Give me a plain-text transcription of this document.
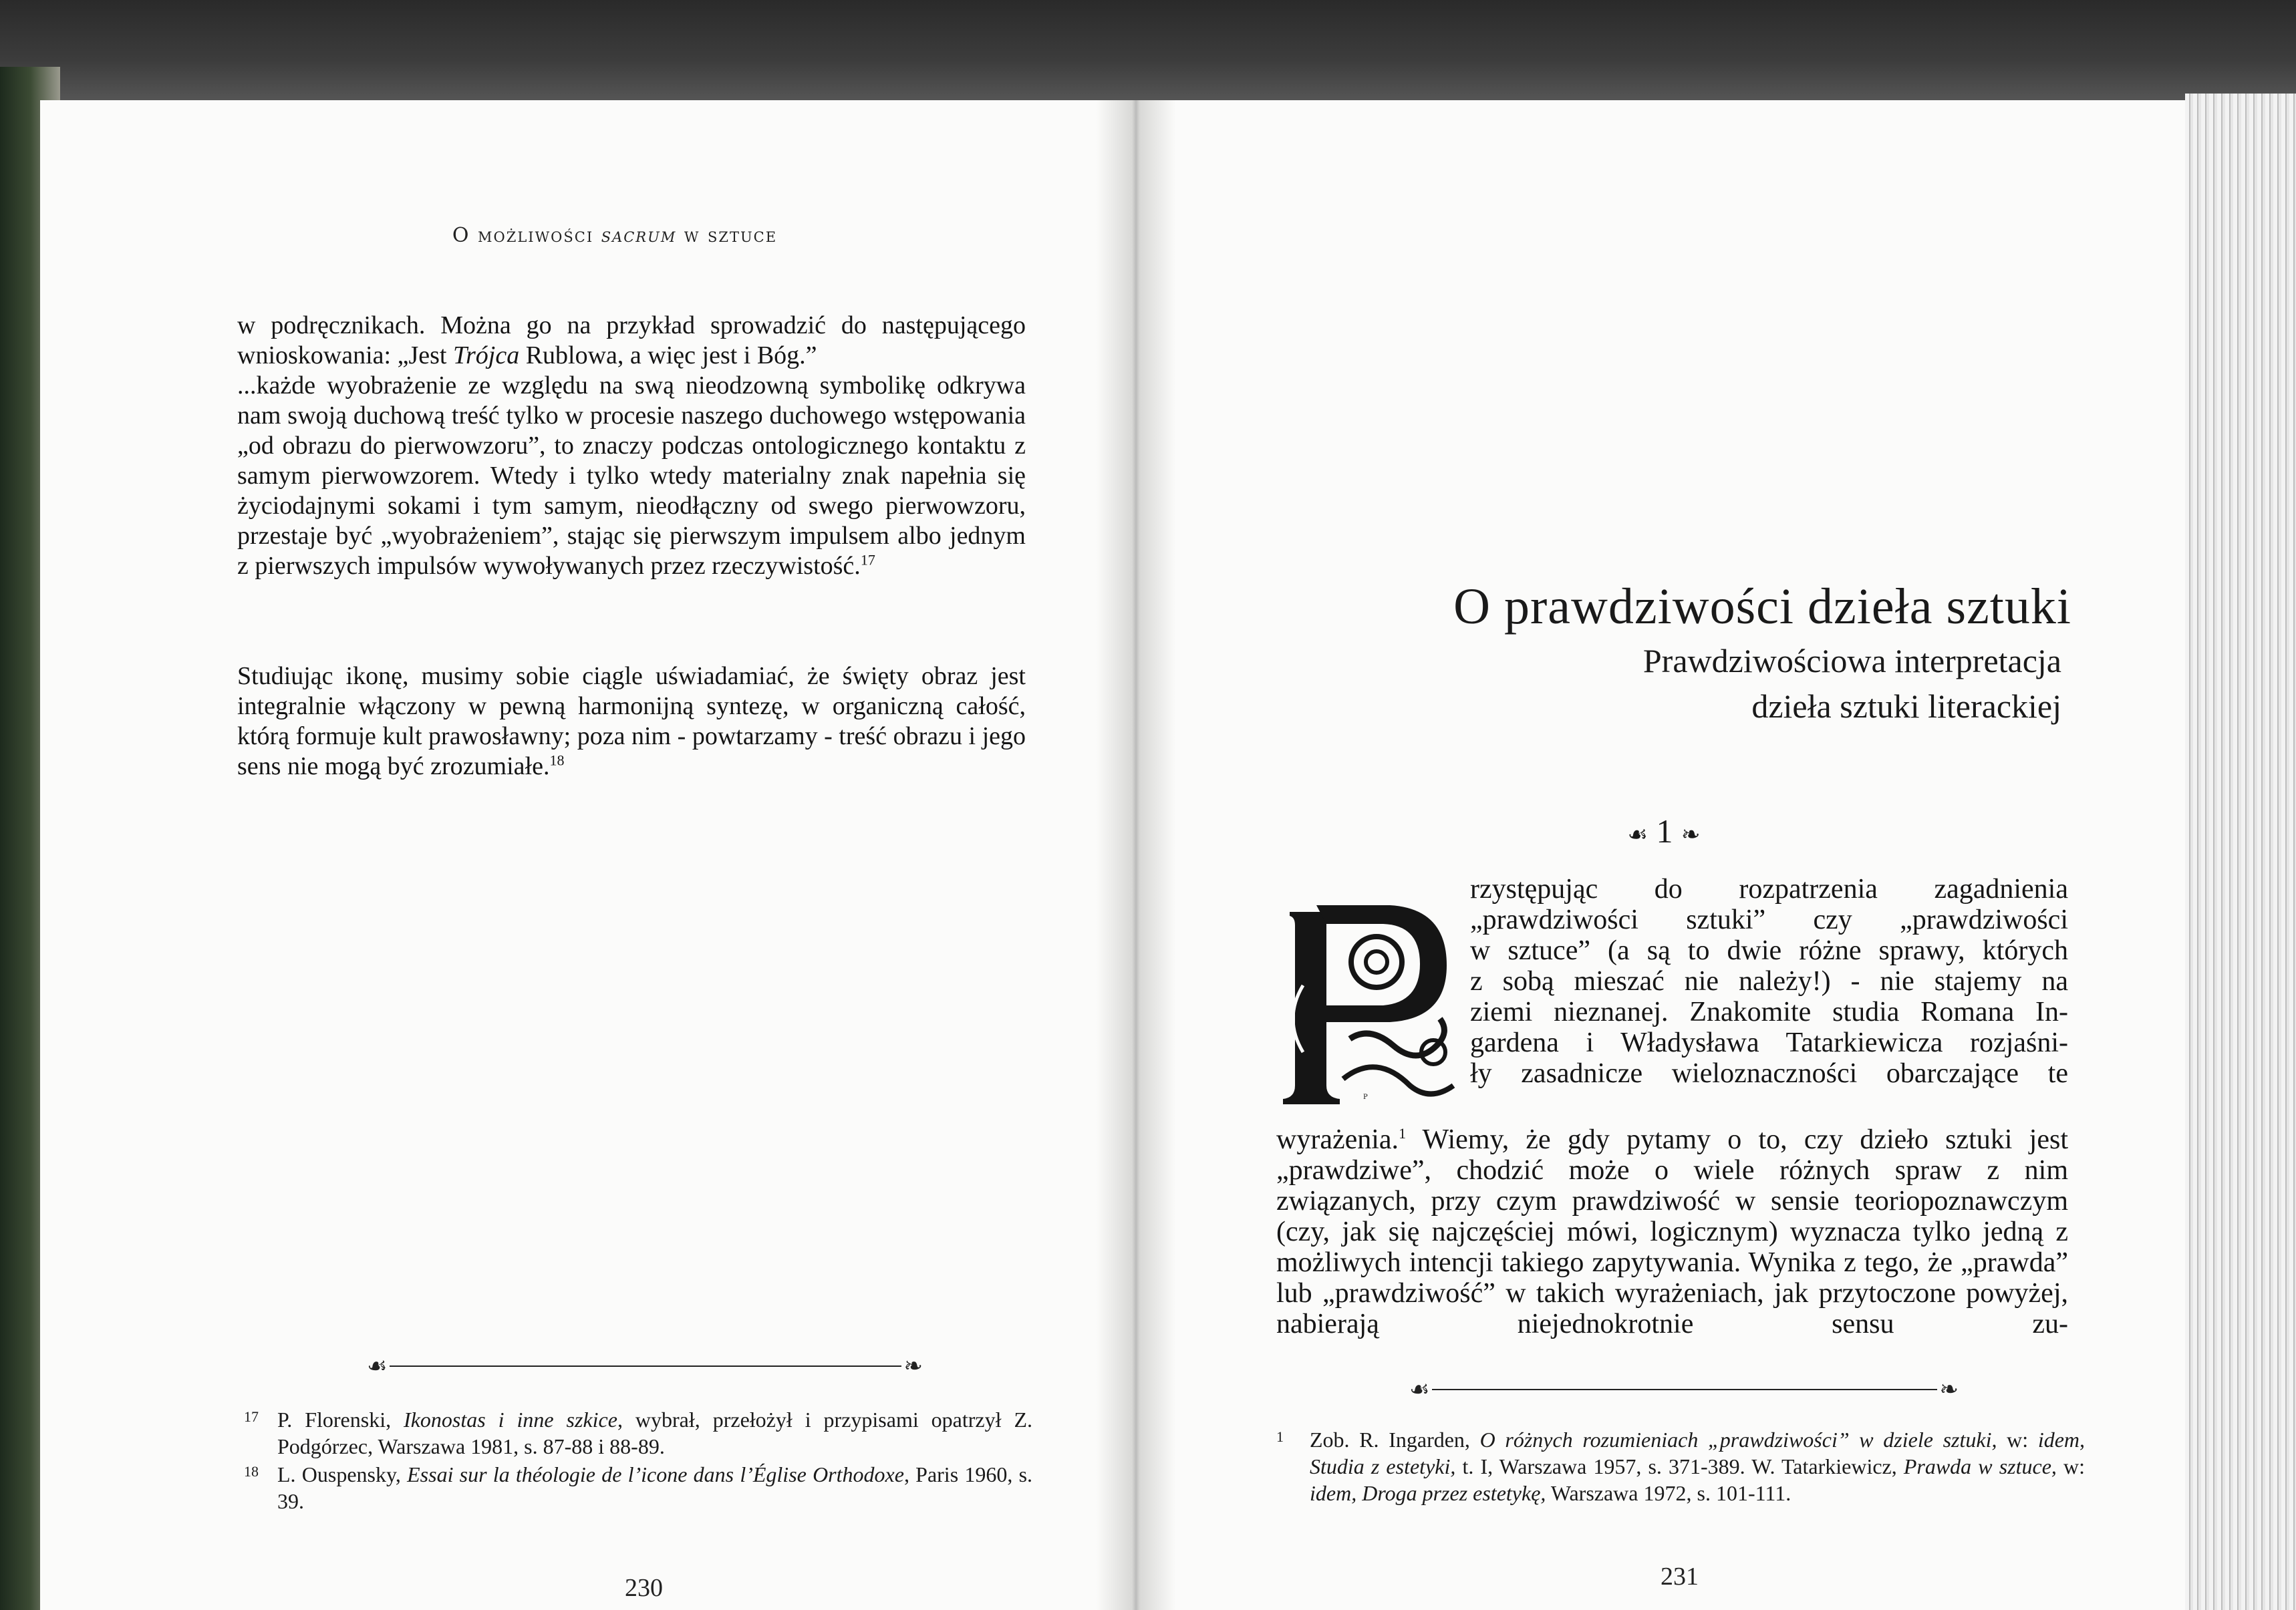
O możliwości sacrum w sztuce

w podręcznikach. Można go na przykład sprowadzić do następującego

wnioskowania: „Jest Trójca Rublowa, a więc jest i Bóg.”

...każde wyobrażenie ze względu na swą nieodzowną symbolikę odkrywa nam swoją duchową treść tylko w procesie naszego duchowego wstępowania „od obrazu do pierwowzoru”, to znaczy podczas ontologicznego kontaktu z samym pierwowzorem. Wtedy i tylko wtedy materialny znak napełnia się życiodajnymi sokami i tym samym, nieodłączny od swego pierwowzoru, przestaje być „wyobrażeniem”, stając się pierwszym impulsem albo jednym z pierwszych impulsów wywoływanych przez rzeczywistość.$^{17}$

Studiując ikonę, musimy sobie ciągle uświadamiać, że święty obraz jest integralnie włączony w pewną harmonijną syntezę, w organiczną całość, którą formuje kult prawosławny; poza nim - powtarzamy - treść obrazu i jego sens nie mogą być zrozumiałe.$^{18}$

☙	❧

17 P. Florenski, Ikonostas i inne szkice, wybrał, przełożył i przypisami opatrzył Z. Podgórzec, Warszawa 1981, s. 87-88 i 88-89.

18 L. Ouspensky, Essai sur la théologie de l’icone dans l’Église Orthodoxe, Paris 1960, s. 39.

230
O prawdziwości dzieła sztuki
Prawdziwościowa interpretacja
dzieła sztuki literackiej
☙ 1 ❧
P

rzystępując do rozpatrzenia zagadnienia

„prawdziwości sztuki” czy „prawdziwości

w sztuce” (a są to dwie różne sprawy, których

z sobą mieszać nie należy!) - nie stajemy na

ziemi nieznanej. Znakomite studia Romana In-

gardena i Władysława Tatarkiewicza rozjaśni-

ły zasadnicze wieloznaczności obarczające te

wyrażenia.$^1$ Wiemy, że gdy pytamy o to, czy dzieło sztuki jest „prawdziwe”, chodzić może o wiele różnych spraw z nim związanych, przy czym prawdziwość w sensie teoriopoznawczym (czy, jak się najczęściej mówi, logicznym) wyznacza tylko jedną z możliwych intencji takiego zapytywania. Wynika z tego, że „prawda” lub „prawdziwość” w takich wyrażeniach, jak przytoczone powyżej, nabierają niejednokrotnie sensu zu-

☙	❧

1 Zob. R. Ingarden, O różnych rozumieniach „prawdziwości” w dziele sztuki, w: idem, Studia z estetyki, t. I, Warszawa 1957, s. 371-389. W. Tatarkiewicz, Prawda w sztuce, w: idem, Droga przez estetykę, Warszawa 1972, s. 101-111.

231
